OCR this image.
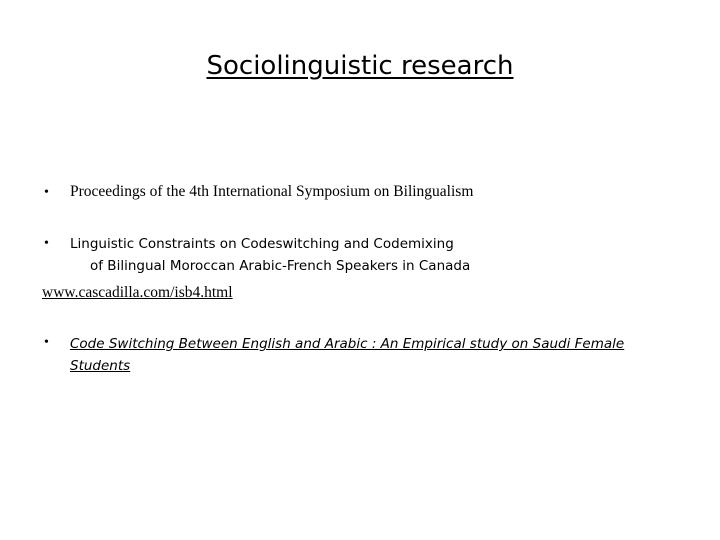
Sociolinguistic research
• Proceedings of the 4th International Symposium on Bilingualism
• Linguistic Constraints on Codeswitching and Codemixing
of Bilingual Moroccan Arabic-French Speakers in Canada
www.cascadilla.com/isb4.html
• Code Switching Between English and Arabic : An Empirical study on Saudi Female
Students
